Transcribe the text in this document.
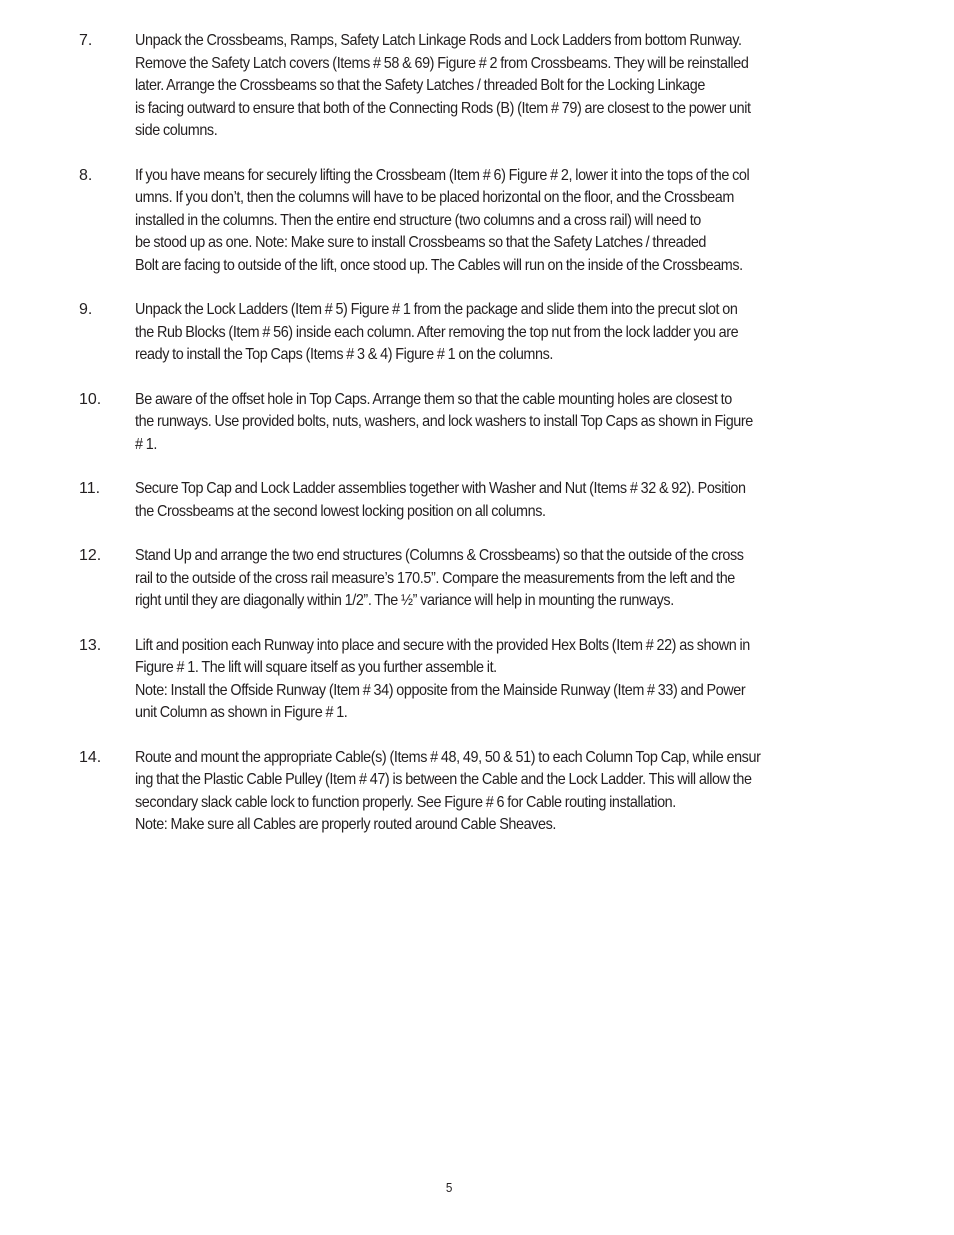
7.	Unpack the Crossbeams, Ramps, Safety Latch Linkage Rods and Lock Ladders from bottom Runway.
Remove the Safety Latch covers (Items # 58 & 69) Figure # 2 from Crossbeams. They will be reinstalled
later. Arrange the Crossbeams so that the Safety Latches / threaded Bolt for the Locking Linkage
is facing outward to ensure that both of the Connecting Rods (B) (Item # 79) are closest to the power unit
side columns.
8.	If you have means for securely lifting the Crossbeam (Item # 6) Figure # 2, lower it into the tops of the col
umns. If you don’t, then the columns will have to be placed horizontal on the floor, and the Crossbeam
installed in the columns. Then the entire end structure (two columns and a cross rail) will need to
be stood up as one. Note: Make sure to install Crossbeams so that the Safety Latches / threaded
Bolt are facing to outside of the lift, once stood up. The Cables will run on the inside of the Crossbeams.
9.	Unpack the Lock Ladders (Item # 5) Figure # 1 from the package and slide them into the precut slot on
the Rub Blocks (Item # 56) inside each column. After removing the top nut from the lock ladder you are
ready to install the Top Caps (Items # 3 & 4) Figure # 1 on the columns.
10.	Be aware of the offset hole in Top Caps. Arrange them so that the cable mounting holes are closest to
the runways. Use provided bolts, nuts, washers, and lock washers to install Top Caps as shown in Figure
# 1.
11.	Secure Top Cap and Lock Ladder assemblies together with Washer and Nut (Items # 32 & 92). Position
the Crossbeams at the second lowest locking position on all columns.
12.	Stand Up and arrange the two end structures (Columns & Crossbeams) so that the outside of the cross
rail to the outside of the cross rail measure’s 170.5”. Compare the measurements from the left and the
right until they are diagonally within 1/2”. The ½” variance will help in mounting the runways.
13.	Lift and position each Runway into place and secure with the provided Hex Bolts (Item # 22) as shown in
Figure # 1. The lift will square itself as you further assemble it.
Note: Install the Offside Runway (Item # 34) opposite from the Mainside Runway (Item # 33) and Power
unit Column as shown in Figure # 1.
14.	Route and mount the appropriate Cable(s) (Items # 48, 49, 50 & 51) to each Column Top Cap, while ensur
ing that the Plastic Cable Pulley (Item # 47) is between the Cable and the Lock Ladder. This will allow the
secondary slack cable lock to function properly. See Figure # 6 for Cable routing installation.
Note: Make sure all Cables are properly routed around Cable Sheaves.
5
